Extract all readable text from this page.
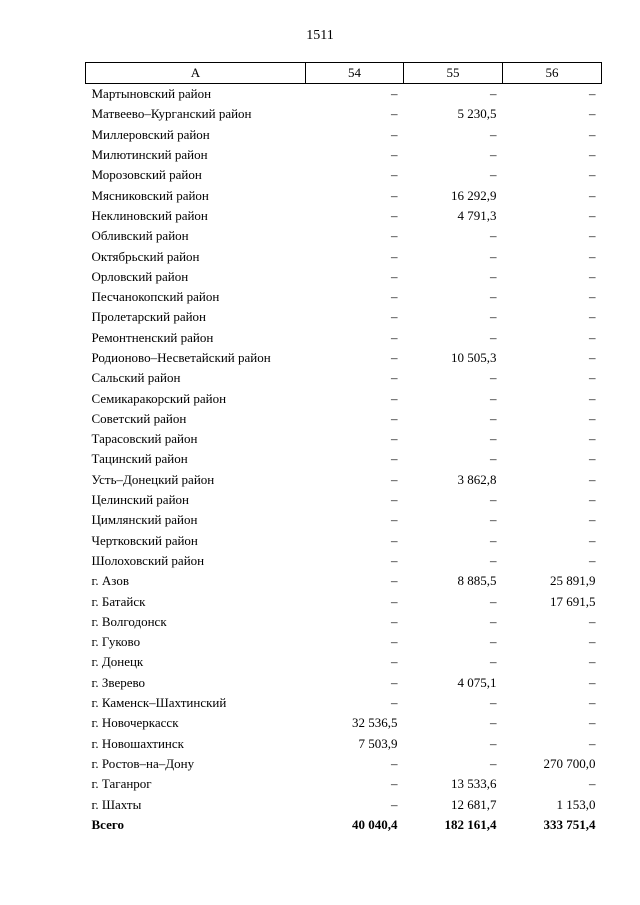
1511
А	54	55	56
Мартыновский район	–	–	–
Матвеево–Курганский район	–	5 230,5	–
Миллеровский район	–	–	–
Милютинский район	–	–	–
Морозовский район	–	–	–
Мясниковский район	–	16 292,9	–
Неклиновский район	–	4 791,3	–
Обливский район	–	–	–
Октябрьский район	–	–	–
Орловский район	–	–	–
Песчанокопский район	–	–	–
Пролетарский район	–	–	–
Ремонтненский район	–	–	–
Родионово–Несветайский район	–	10 505,3	–
Сальский район	–	–	–
Семикаракорский район	–	–	–
Советский район	–	–	–
Тарасовский район	–	–	–
Тацинский район	–	–	–
Усть–Донецкий район	–	3 862,8	–
Целинский район	–	–	–
Цимлянский район	–	–	–
Чертковский район	–	–	–
Шолоховский район	–	–	–
г. Азов	–	8 885,5	25 891,9
г. Батайск	–	–	17 691,5
г. Волгодонск	–	–	–
г. Гуково	–	–	–
г. Донецк	–	–	–
г. Зверево	–	4 075,1	–
г. Каменск–Шахтинский	–	–	–
г. Новочеркасск	32 536,5	–	–
г. Новошахтинск	7 503,9	–	–
г. Ростов–на–Дону	–	–	270 700,0
г. Таганрог	–	13 533,6	–
г. Шахты	–	12 681,7	1 153,0
Всего	40 040,4	182 161,4	333 751,4
